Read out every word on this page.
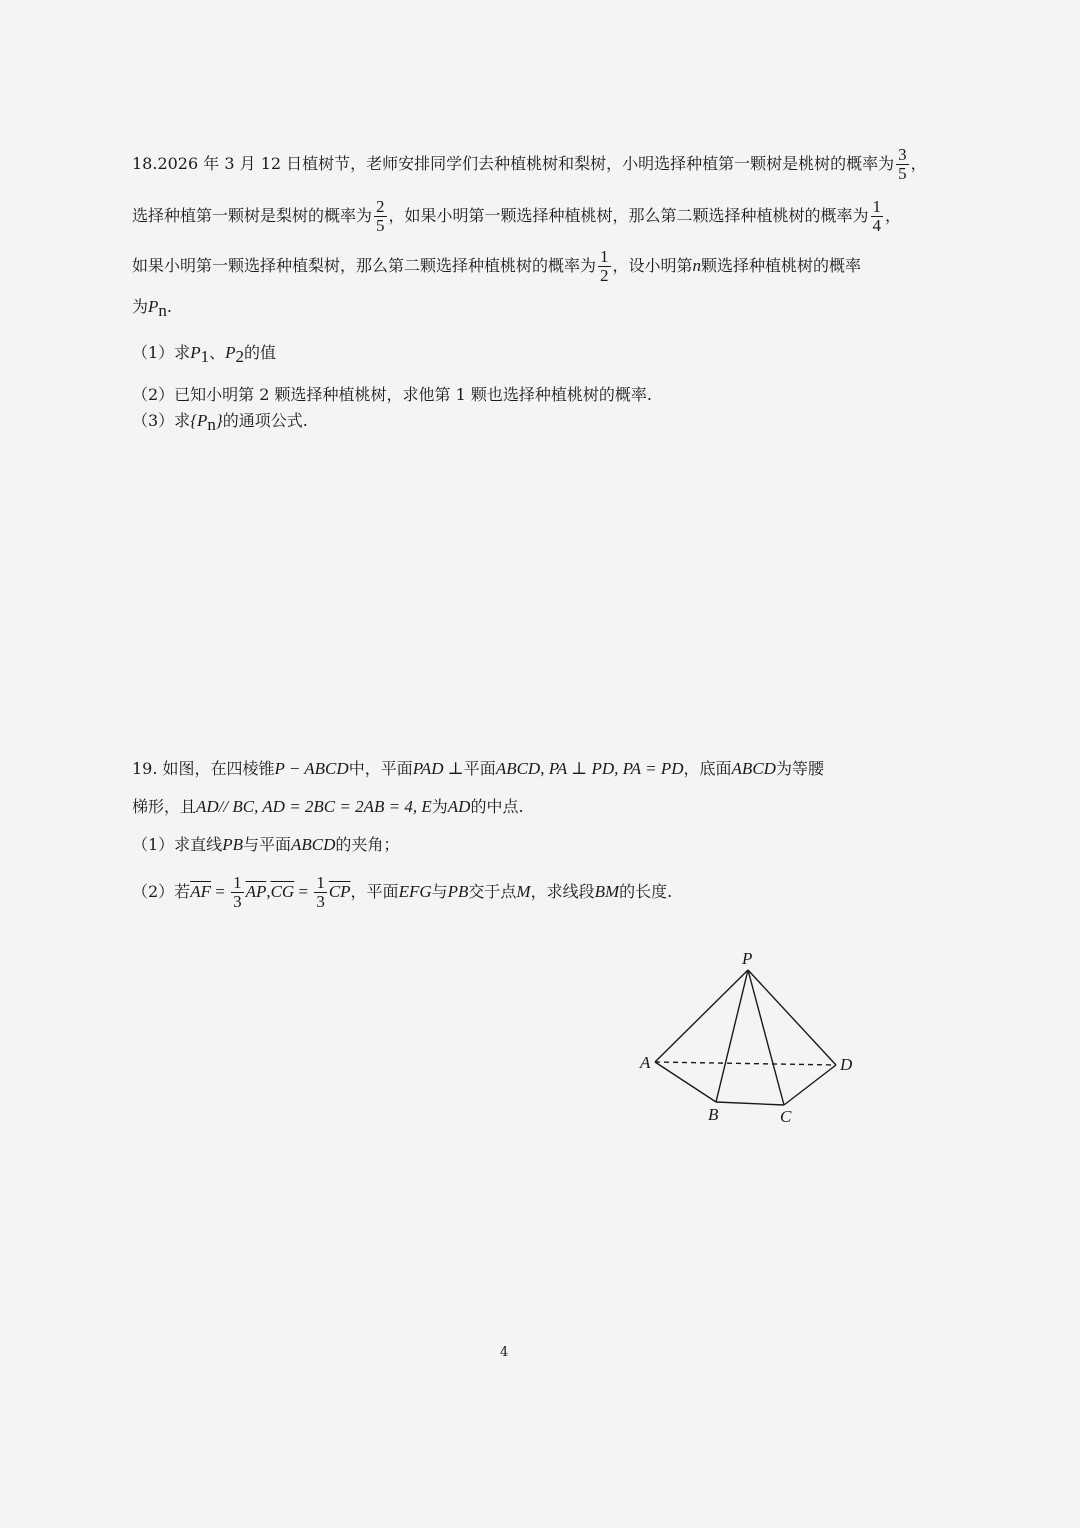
18.2026 年 3 月 12 日植树节，老师安排同学们去种植桃树和梨树，小明选择种植第一颗树是桃树的概率为 $\frac{3}{5}$ ，
选择种植第一颗树是梨树的概率为 $\frac{2}{5}$ ，如果小明第一颗选择种植桃树，那么第二颗选择种植桃树的概率为 $\frac{1}{4}$ ，
如果小明第一颗选择种植梨树，那么第二颗选择种植桃树的概率为 $\frac{1}{2}$ ，设小明第n颗选择种植桃树的概率
为$P_n$.
（1）求$P_1$、$P_2$的值
（2）已知小明第 2 颗选择种植桃树，求他第 1 颗也选择种植桃树的概率.
（3）求$\{P_n\}$的通项公式.
19. 如图，在四棱锥P − ABCD中，平面PAD ⊥平面ABCD, PA ⊥ PD, PA = PD，底面ABCD为等腰
梯形，且AD// BC, AD = 2BC = 2AB = 4, E为AD的中点.
（1）求直线PB与平面ABCD的夹角；
（2）若$\overline{AF} = \frac{1}{3} \overline{AP},\overline{CG} = \frac{1}{3} \overline{CP}$，平面EFG与PB交于点M，求线段BM的长度.
P
A
B	C
D
4
